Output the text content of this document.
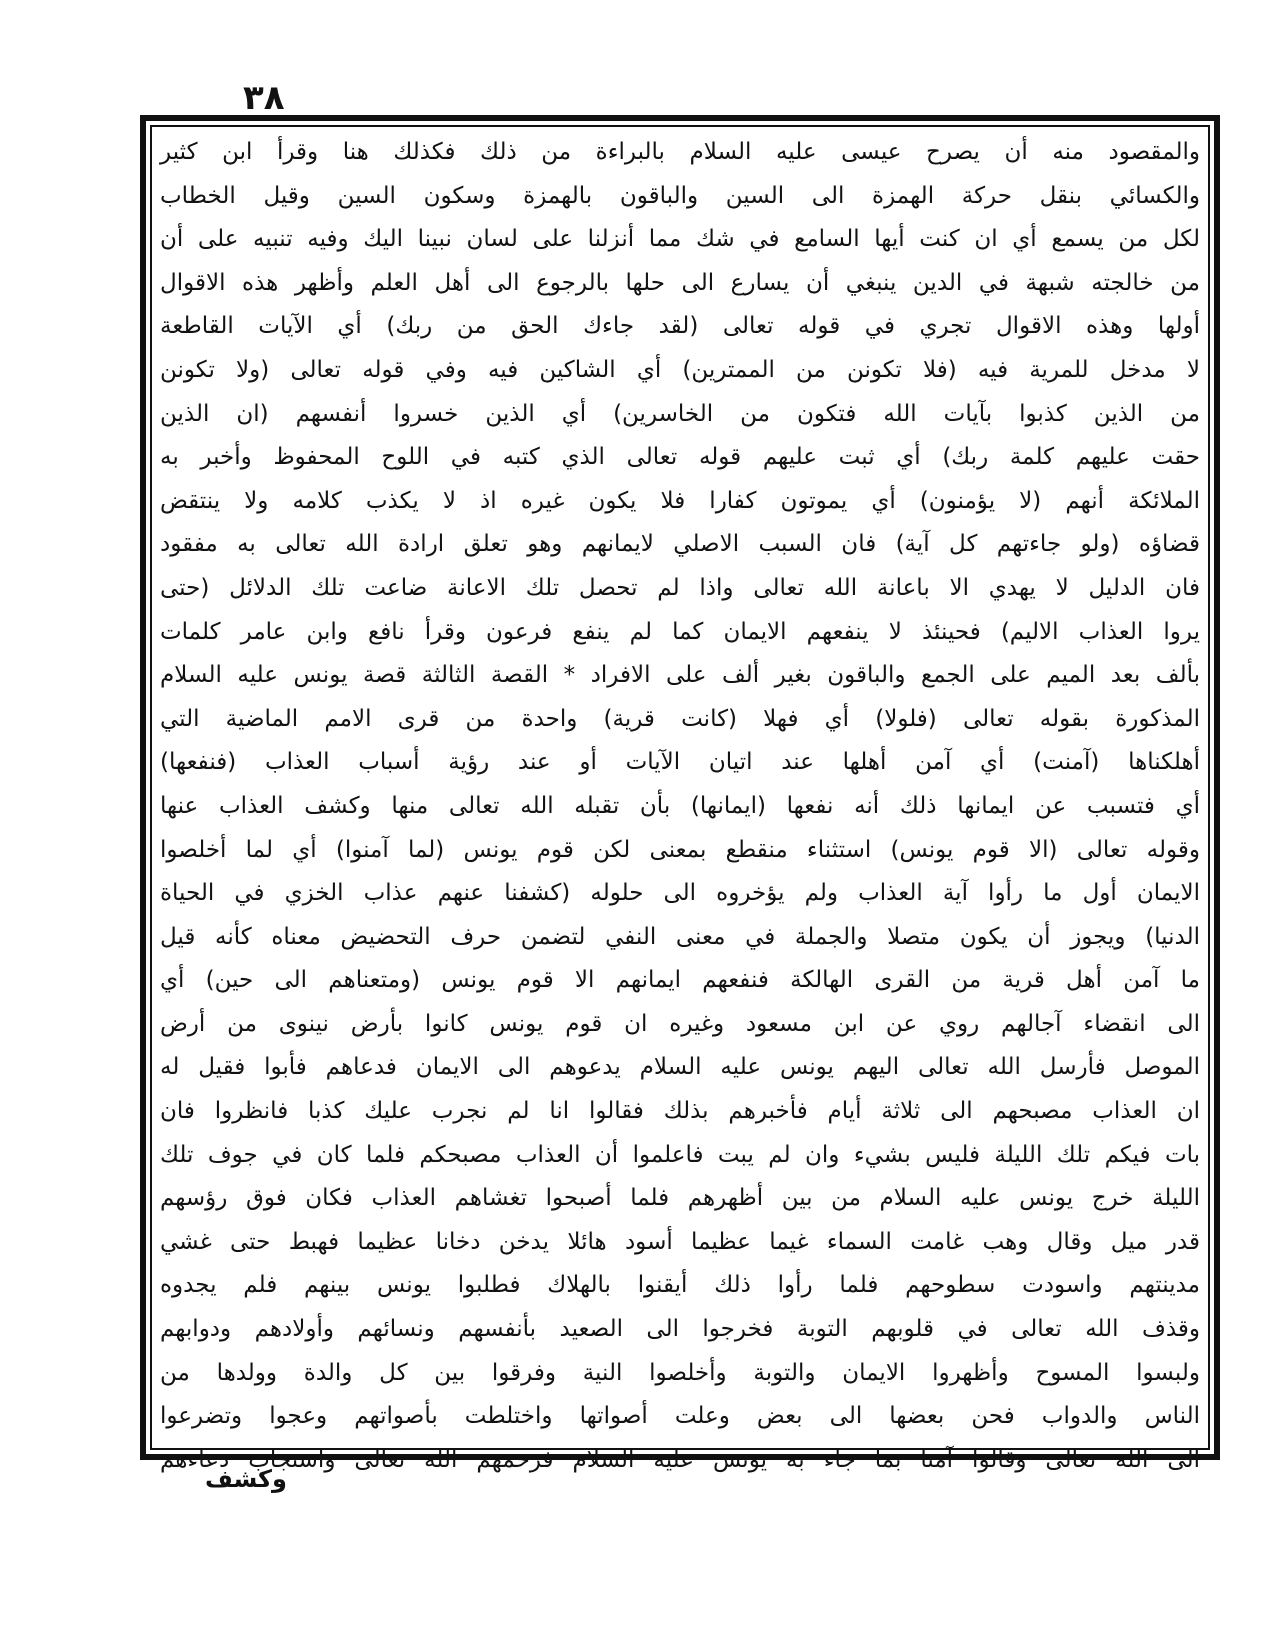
٣٨
والمقصود منه أن يصرح عيسى عليه السلام بالبراءة من ذلك فكذلك هنا وقرأ ابن كثير
والكسائي بنقل حركة الهمزة الى السين والباقون بالهمزة وسكون السين وقيل الخطاب
لكل من يسمع أي ان كنت أيها السامع في شك مما أنزلنا على لسان نبينا اليك وفيه تنبيه على أن
من خالجته شبهة في الدين ينبغي أن يسارع الى حلها بالرجوع الى أهل العلم وأظهر هذه الاقوال
أولها وهذه الاقوال تجري في قوله تعالى (لقد جاءك الحق من ربك) أي الآيات القاطعة
لا مدخل للمرية فيه (فلا تكونن من الممترين) أي الشاكين فيه وفي قوله تعالى (ولا تكونن
من الذين كذبوا بآيات الله فتكون من الخاسرين) أي الذين خسروا أنفسهم (ان الذين
حقت عليهم كلمة ربك) أي ثبت عليهم قوله تعالى الذي كتبه في اللوح المحفوظ وأخبر به
الملائكة أنهم (لا يؤمنون) أي يموتون كفارا فلا يكون غيره اذ لا يكذب كلامه ولا ينتقض
قضاؤه (ولو جاءتهم كل آية) فان السبب الاصلي لايمانهم وهو تعلق ارادة الله تعالى به مفقود
فان الدليل لا يهدي الا باعانة الله تعالى واذا لم تحصل تلك الاعانة ضاعت تلك الدلائل (حتى
يروا العذاب الاليم) فحينئذ لا ينفعهم الايمان كما لم ينفع فرعون وقرأ نافع وابن عامر كلمات
بألف بعد الميم على الجمع والباقون بغير ألف على الافراد * القصة الثالثة قصة يونس عليه السلام
المذكورة بقوله تعالى (فلولا) أي فهلا (كانت قرية) واحدة من قرى الامم الماضية التي
أهلكناها (آمنت) أي آمن أهلها عند اتيان الآيات أو عند رؤية أسباب العذاب (فنفعها)
أي فتسبب عن ايمانها ذلك أنه نفعها (ايمانها) بأن تقبله الله تعالى منها وكشف العذاب عنها
وقوله تعالى (الا قوم يونس) استثناء منقطع بمعنى لكن قوم يونس (لما آمنوا) أي لما أخلصوا
الايمان أول ما رأوا آية العذاب ولم يؤخروه الى حلوله (كشفنا عنهم عذاب الخزي في الحياة
الدنيا) ويجوز أن يكون متصلا والجملة في معنى النفي لتضمن حرف التحضيض معناه كأنه قيل
ما آمن أهل قرية من القرى الهالكة فنفعهم ايمانهم الا قوم يونس (ومتعناهم الى حين) أي
الى انقضاء آجالهم روي عن ابن مسعود وغيره ان قوم يونس كانوا بأرض نينوى من أرض
الموصل فأرسل الله تعالى اليهم يونس عليه السلام يدعوهم الى الايمان فدعاهم فأبوا فقيل له
ان العذاب مصبحهم الى ثلاثة أيام فأخبرهم بذلك فقالوا انا لم نجرب عليك كذبا فانظروا فان
بات فيكم تلك الليلة فليس بشيء وان لم يبت فاعلموا أن العذاب مصبحكم فلما كان في جوف تلك
الليلة خرج يونس عليه السلام من بين أظهرهم فلما أصبحوا تغشاهم العذاب فكان فوق رؤسهم
قدر ميل وقال وهب غامت السماء غيما عظيما أسود هائلا يدخن دخانا عظيما فهبط حتى غشي
مدينتهم واسودت سطوحهم فلما رأوا ذلك أيقنوا بالهلاك فطلبوا يونس بينهم فلم يجدوه
وقذف الله تعالى في قلوبهم التوبة فخرجوا الى الصعيد بأنفسهم ونسائهم وأولادهم ودوابهم
ولبسوا المسوح وأظهروا الايمان والتوبة وأخلصوا النية وفرقوا بين كل والدة وولدها من
الناس والدواب فحن بعضها الى بعض وعلت أصواتها واختلطت بأصواتهم وعجوا وتضرعوا
الى الله تعالى وقالوا آمنا بما جاء به يونس عليه السلام فرحمهم الله تعالى واستجاب دعاءهم
وكشف
